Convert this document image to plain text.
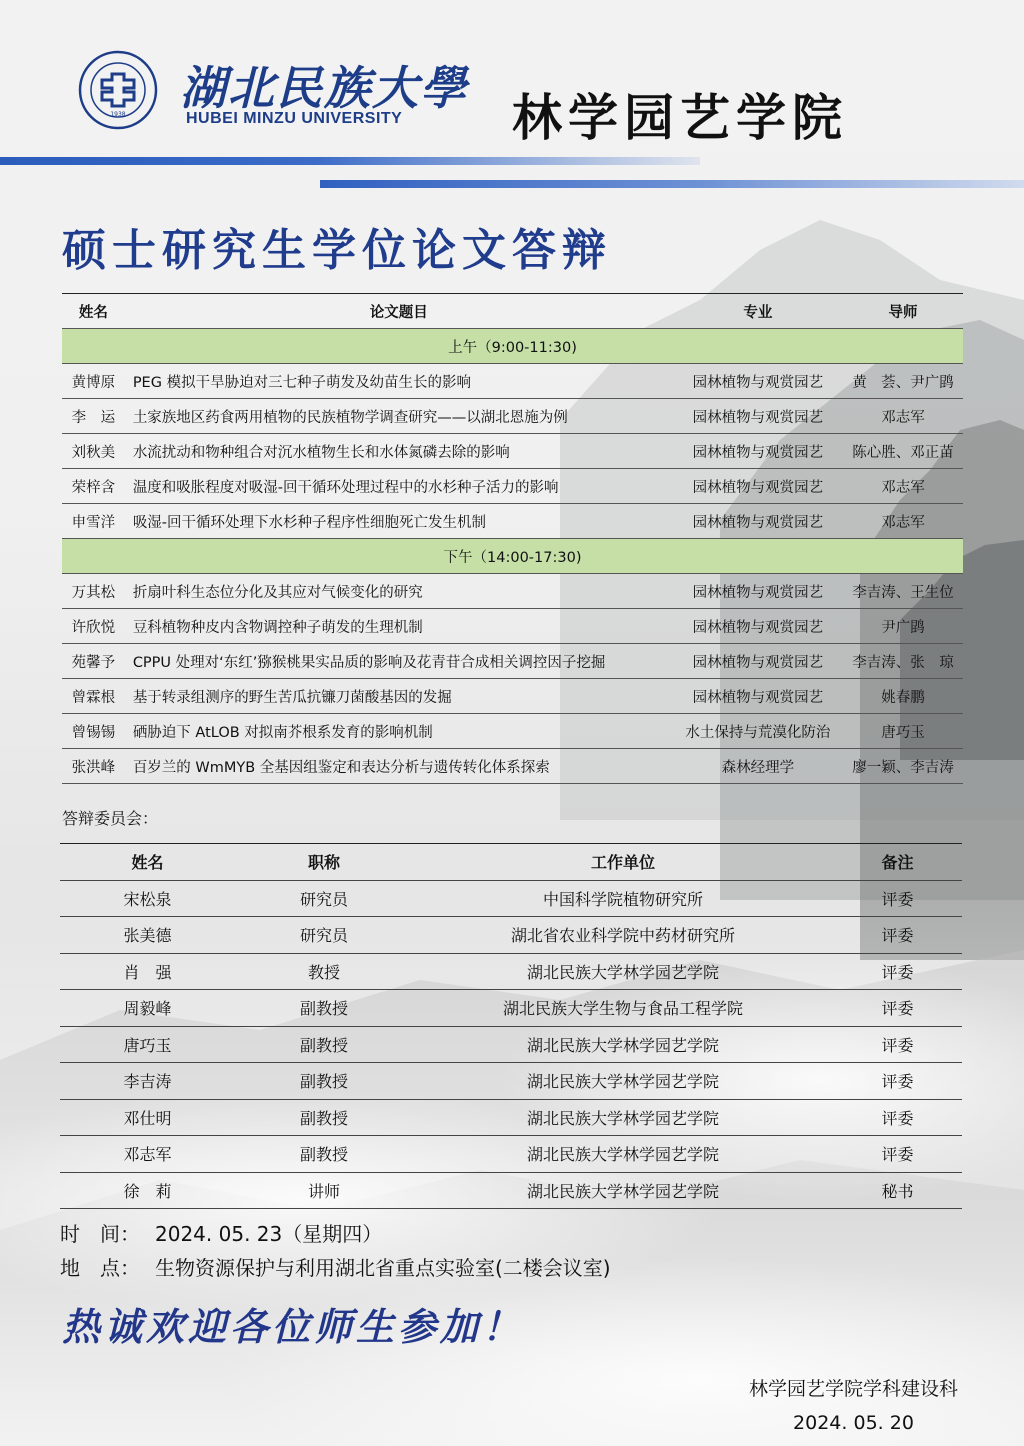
1938 湖北民族大學
HUBEI MINZU UNIVERSITY 林学园艺学院
硕士研究生学位论文答辩
姓名	论文题目	专业	导师
上午（9:00-11:30)			
黄博原	PEG 模拟干旱胁迫对三七种子萌发及幼苗生长的影响	园林植物与观赏园艺	黄　荟、尹广鹍
李　运	土家族地区药食两用植物的民族植物学调查研究——以湖北恩施为例	园林植物与观赏园艺	邓志军
刘秋美	水流扰动和物种组合对沉水植物生长和水体氮磷去除的影响	园林植物与观赏园艺	陈心胜、邓正苗
荣梓含	温度和吸胀程度对吸湿-回干循环处理过程中的水杉种子活力的影响	园林植物与观赏园艺	邓志军
申雪洋	吸湿-回干循环处理下水杉种子程序性细胞死亡发生机制	园林植物与观赏园艺	邓志军
下午（14:00-17:30)			
万其松	折扇叶科生态位分化及其应对气候变化的研究	园林植物与观赏园艺	李吉涛、王生位
许欣悦	豆科植物种皮内含物调控种子萌发的生理机制	园林植物与观赏园艺	尹广鹍
苑馨予	CPPU 处理对‘东红’猕猴桃果实品质的影响及花青苷合成相关调控因子挖掘	园林植物与观赏园艺	李吉涛、张　琼
曾霖根	基于转录组测序的野生苦瓜抗镰刀菌酸基因的发掘	园林植物与观赏园艺	姚春鹏
曾锡锡	硒胁迫下 AtLOB 对拟南芥根系发育的影响机制	水土保持与荒漠化防治	唐巧玉
张洪峰	百岁兰的 WmMYB 全基因组鉴定和表达分析与遗传转化体系探索	森林经理学	廖一颖、李吉涛
答辩委员会：
姓名	职称	工作单位	备注
宋松泉	研究员	中国科学院植物研究所	评委
张美德	研究员	湖北省农业科学院中药材研究所	评委
肖　强	教授	湖北民族大学林学园艺学院	评委
周毅峰	副教授	湖北民族大学生物与食品工程学院	评委
唐巧玉	副教授	湖北民族大学林学园艺学院	评委
李吉涛	副教授	湖北民族大学林学园艺学院	评委
邓仕明	副教授	湖北民族大学林学园艺学院	评委
邓志军	副教授	湖北民族大学林学园艺学院	评委
徐　莉	讲师	湖北民族大学林学园艺学院	秘书
时　间： 2024. 05. 23（星期四）
地　点： 生物资源保护与利用湖北省重点实验室(二楼会议室)
热诚欢迎各位师生参加！
林学园艺学院学科建设科
2024. 05. 20
